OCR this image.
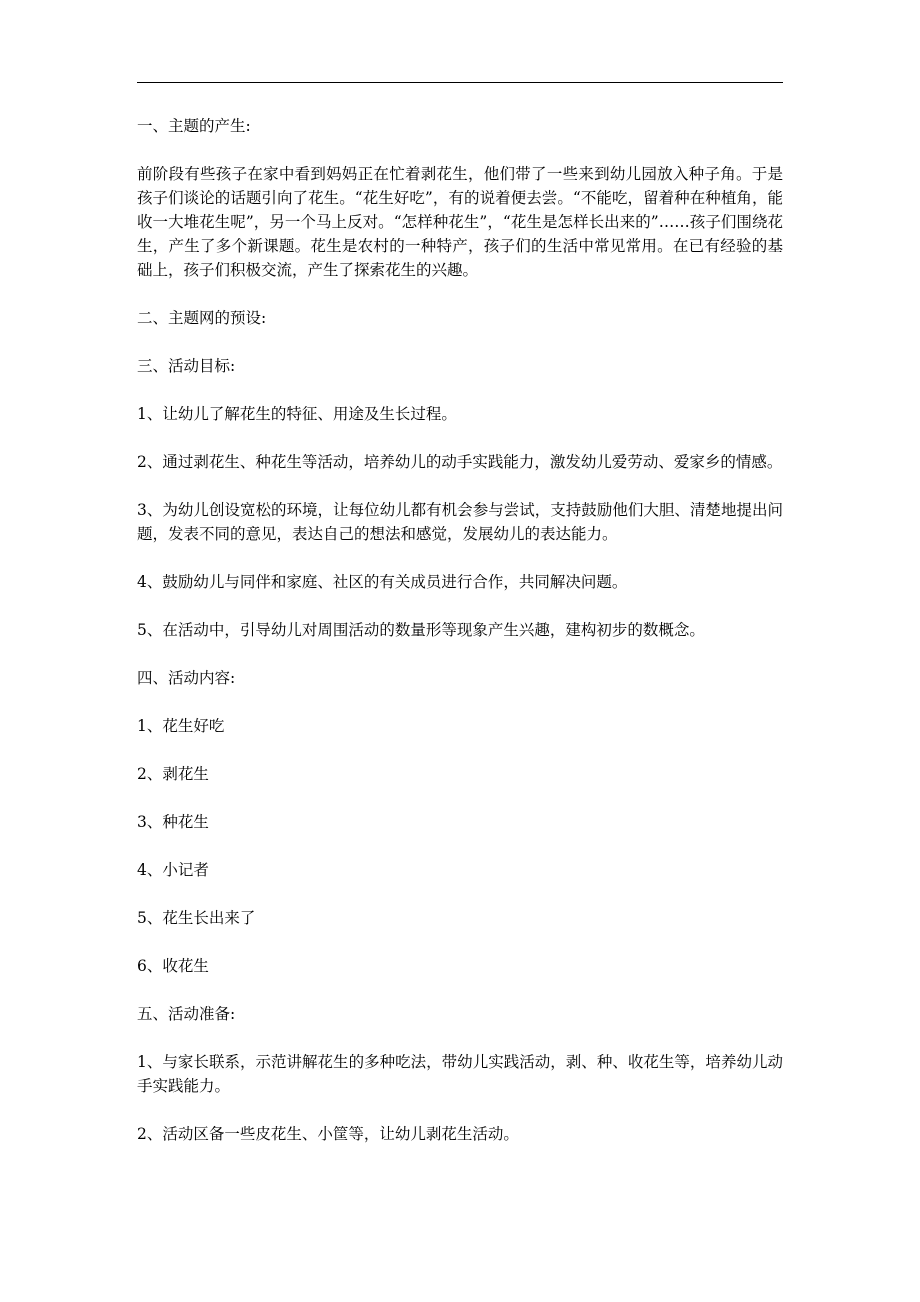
一、主题的产生:

前阶段有些孩子在家中看到妈妈正在忙着剥花生，他们带了一些来到幼儿园放入种子角。于是孩子们谈论的话题引向了花生。“花生好吃”，有的说着便去尝。“不能吃，留着种在种植角，能收一大堆花生呢”，另一个马上反对。“怎样种花生”，“花生是怎样长出来的”……孩子们围绕花生，产生了多个新课题。花生是农村的一种特产，孩子们的生活中常见常用。在已有经验的基础上，孩子们积极交流，产生了探索花生的兴趣。

二、主题网的预设:

三、活动目标:

1、让幼儿了解花生的特征、用途及生长过程。

2、通过剥花生、种花生等活动，培养幼儿的动手实践能力，激发幼儿爱劳动、爱家乡的情感。

3、为幼儿创设宽松的环境，让每位幼儿都有机会参与尝试，支持鼓励他们大胆、清楚地提出问题，发表不同的意见，表达自己的想法和感觉，发展幼儿的表达能力。

4、鼓励幼儿与同伴和家庭、社区的有关成员进行合作，共同解决问题。

5、在活动中，引导幼儿对周围活动的数量形等现象产生兴趣，建构初步的数概念。

四、活动内容:

1、花生好吃

2、剥花生

3、种花生

4、小记者

5、花生长出来了

6、收花生

五、活动准备:

1、与家长联系，示范讲解花生的多种吃法，带幼儿实践活动，剥、种、收花生等，培养幼儿动手实践能力。

2、活动区备一些皮花生、小筐等，让幼儿剥花生活动。
